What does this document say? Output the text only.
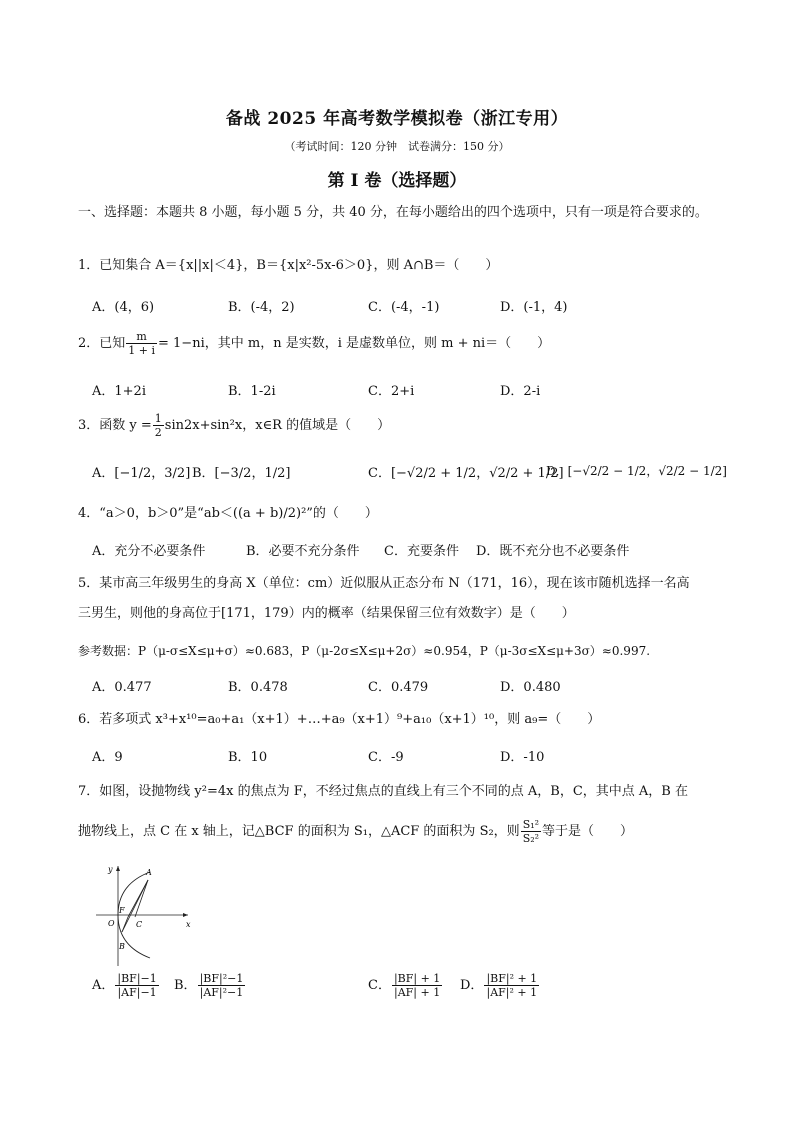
备战 2025 年高考数学模拟卷（浙江专用）
（考试时间：120 分钟　试卷满分：150 分）
第 I 卷（选择题）
一、选择题：本题共 8 小题，每小题 5 分，共 40 分，在每小题给出的四个选项中，只有一项是符合要求的。
1．已知集合 A＝{x||x|＜4}，B＝{x|x²-5x-6＞0}，则 A∩B＝（　　）
A．(4，6)	B．(-4，2)	C．(-4，-1)	D．(-1，4)
2．已知 $\frac{m}{1 + i} = 1-ni$，其中 m，n 是实数，i 是虚数单位，则 m + ni＝（　　）
A．1+2i	B．1-2i	C．2+i	D．2-i
3．函数 $y = \frac{1}{2} \sin 2x+\sin^2x$，x∈R 的值域是（　　）
A．[−1/2，3/2] B．[−3/2，1/2]	C．[−√2/2 + 1/2，√2/2 + 1/2]
D．[−√2/2 − 1/2，√2/2 − 1/2]
4．“a＞0，b＞0”是“ab＜((a + b)/2)²”的（　　）
A．充分不必要条件	B．必要不充分条件 C．充要条件 D．既不充分也不必要条件
5．某市高三年级男生的身高 X（单位：cm）近似服从正态分布 N（171，16），现在该市随机选择一名高
三男生，则他的身高位于[171，179）内的概率（结果保留三位有效数字）是（　　）
参考数据：P（μ-σ≤X≤μ+σ）≈0.683，P（μ-2σ≤X≤μ+2σ）≈0.954，P（μ-3σ≤X≤μ+3σ）≈0.997.
A．0.477	B．0.478	C．0.479	D．0.480
6．若多项式 x³+x¹⁰=a₀+a₁（x+1）+…+a₉（x+1）⁹+a₁₀（x+1）¹⁰，则 a₉=（　　）
A．9	B．10	C．-9	D．-10
7．如图，设抛物线 y²=4x 的焦点为 F，不经过焦点的直线上有三个不同的点 A，B，C，其中点 A，B 在
抛物线上，点 C 在 x 轴上，记△BCF 的面积为 S₁，△ACF 的面积为 S₂，则 $\frac{\text{S₁²}}{\text{S₂²}}$ 等于是（　　）
y
x
A
B
C
F
O
A． $\frac{|BF|-1}{|AF|-1}$ B． $\frac{\text{|BF|²−1}}{\text{|AF|²−1}}$	C． $\frac{|BF| + 1}{|AF| + 1}$ D． $\frac{\text{|BF|² + 1}}{\text{|AF|² + 1}}$
